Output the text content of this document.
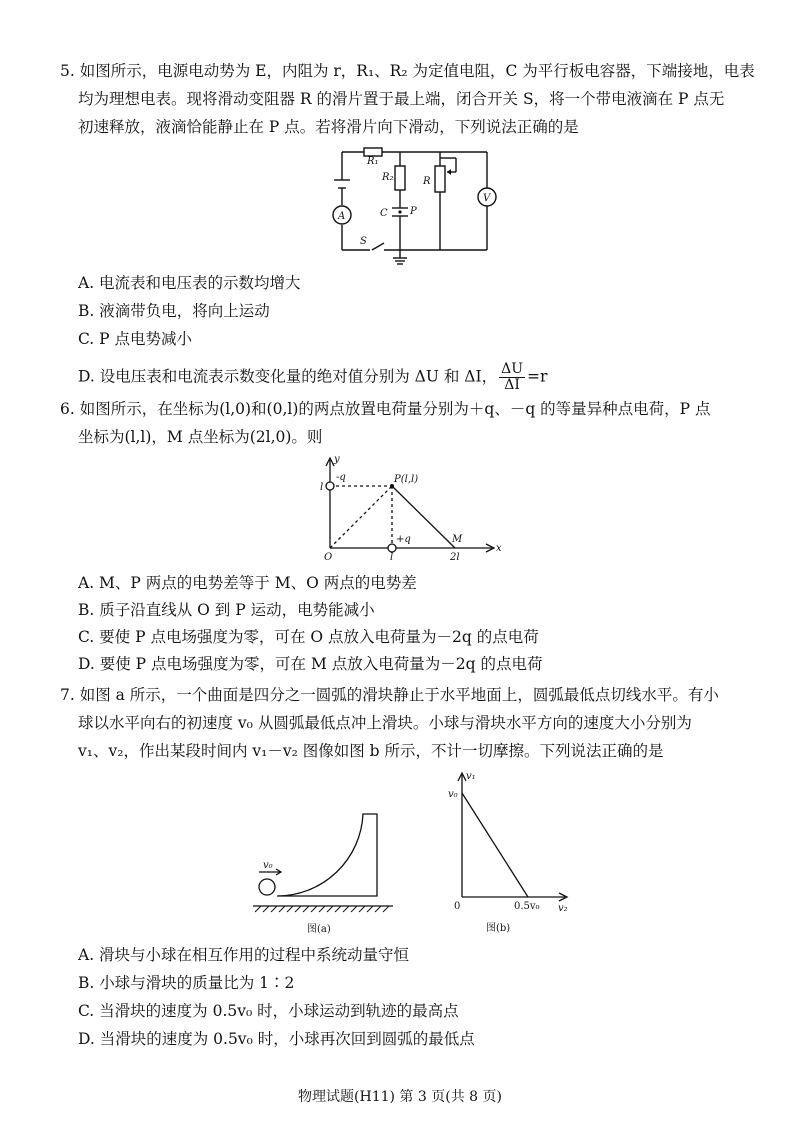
5. 如图所示，电源电动势为 E，内阻为 r，R₁、R₂ 为定值电阻，C 为平行板电容器，下端接地，电表
均为理想电表。现将滑动变阻器 R 的滑片置于最上端，闭合开关 S，将一个带电液滴在 P 点无
初速释放，液滴恰能静止在 P 点。若将滑片向下滑动，下列说法正确的是
R₁
R₂
C P
R
V
A
S
A. 电流表和电压表的示数均增大
B. 液滴带负电，将向上运动
C. P 点电势减小
D. 设电压表和电流表示数变化量的绝对值分别为 ΔU 和 ΔI， $\frac{\Delta U}{\Delta I} =r$
6. 如图所示，在坐标为(l,0)和(0,l)的两点放置电荷量分别为＋q、－q 的等量异种点电荷，P 点
坐标为(l,l)，M 点坐标为(2l,0)。则
y
x
O
l
l	2l
-q
+q
P(l,l)
M
A. M、P 两点的电势差等于 M、O 两点的电势差
B. 质子沿直线从 O 到 P 运动，电势能减小
C. 要使 P 点电场强度为零，可在 O 点放入电荷量为－2q 的点电荷
D. 要使 P 点电场强度为零，可在 M 点放入电荷量为－2q 的点电荷
7. 如图 a 所示，一个曲面是四分之一圆弧的滑块静止于水平地面上，圆弧最低点切线水平。有小
球以水平向右的初速度 v₀ 从圆弧最低点冲上滑块。小球与滑块水平方向的速度大小分别为
v₁、v₂，作出某段时间内 v₁－v₂ 图像如图 b 所示，不计一切摩擦。下列说法正确的是
v₀
图(a)
v₁
v₀
0	0.5v₀ v₂
图(b)
A. 滑块与小球在相互作用的过程中系统动量守恒
B. 小球与滑块的质量比为 1∶2
C. 当滑块的速度为 0.5v₀ 时，小球运动到轨迹的最高点
D. 当滑块的速度为 0.5v₀ 时，小球再次回到圆弧的最低点
物理试题(H11) 第 3 页(共 8 页)
